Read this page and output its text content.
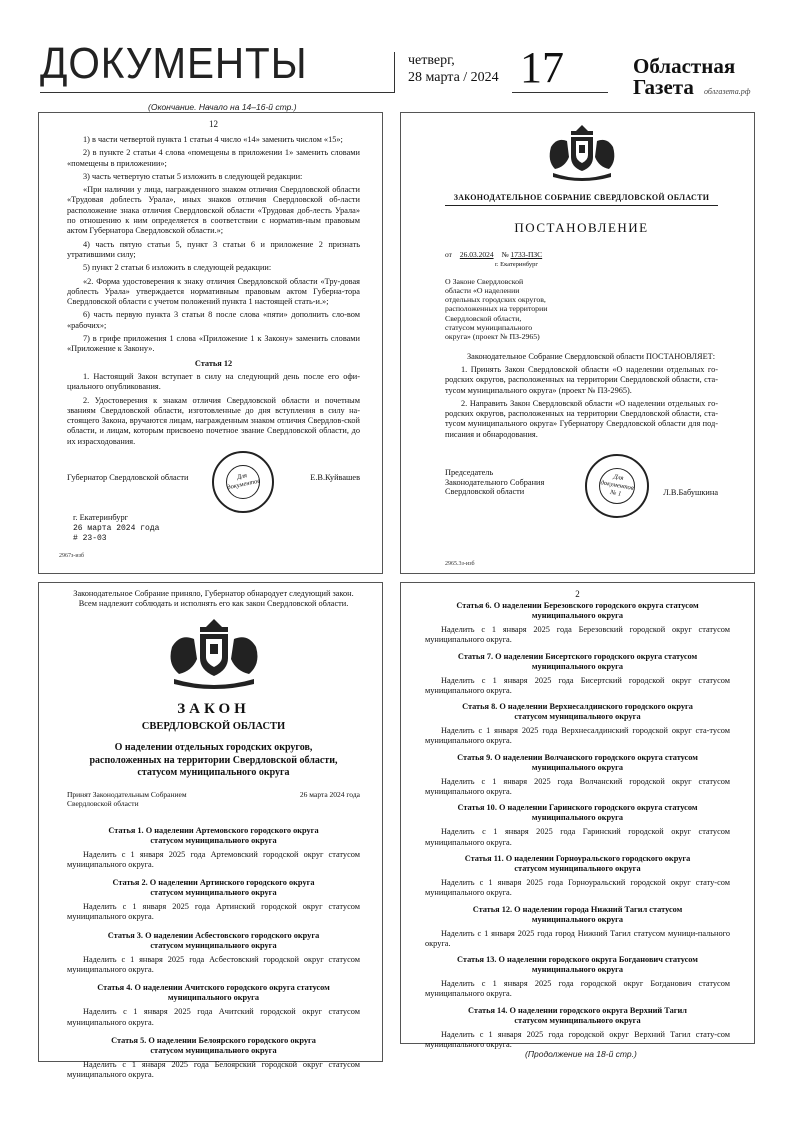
ДОКУМЕНТЫ	четверг,
28 марта / 2024 17	Областная
Газета облгазета.рф
(Окончание. Начало на 14–16-й стр.)
12

1) в части четвертой пункта 1 статьи 4 число «14» заменить числом «15»;

2) в пункте 2 статьи 4 слова «помещены в приложении 1» заменить словами «помещены в приложении»;

3) часть четвертую статьи 5 изложить в следующей редакции:

«При наличии у лица, награжденного знаком отличия Свердловской области «Трудовая доблесть Урала», иных знаков отличия Свердловской об-ласти расположение знака отличия Свердловской области «Трудовая доб-лесть Урала» по отношению к ним определяется в соответствии с норматив-ным правовым актом Губернатора Свердловской области.»;

4) часть пятую статьи 5, пункт 3 статьи 6 и приложение 2 признать утратившими силу;

5) пункт 2 статьи 6 изложить в следующей редакции:

«2. Форма удостоверения к знаку отличия Свердловской области «Тру-довая доблесть Урала» утверждается нормативным правовым актом Губерна-тора Свердловской области с учетом положений пункта 1 настоящей стать-и.»;

6) часть первую пункта 3 статьи 8 после слова «пяти» дополнить сло-вом «рабочих»;

7) в грифе приложения 1 слова «Приложение 1 к Закону» заменить словами «Приложение к Закону».

Статья 12

1. Настоящий Закон вступает в силу на следующий день после его офи-циального опубликования.

2. Удостоверения к знакам отличия Свердловской области и почетным званиям Свердловской области, изготовленные до дня вступления в силу на-стоящего Закона, вручаются лицам, награжденным знаком отличия Свердлов-ской области, и лицам, которым присвоено почетное звание Свердловской области, до их израсходования.

Губернатор Свердловской области	Е.В.Куйвашев
Для документов
г. Екатеринбург
26 марта 2024 года
# 23-03
2967з-изб
ЗАКОНОДАТЕЛЬНОЕ СОБРАНИЕ СВЕРДЛОВСКОЙ ОБЛАСТИ
ПОСТАНОВЛЕНИЕ
от 26.03.2024 № 1733-ПЗС
г. Екатеринбург
О Законе Свердловской
области «О наделении
отдельных городских округов,
расположенных на территории
Свердловской области,
статусом муниципального
округа» (проект № ПЗ-2965)

Законодательное Собрание Свердловской области ПОСТАНОВЛЯЕТ:

1. Принять Закон Свердловской области «О наделении отдельных го-родских округов, расположенных на территории Свердловской области, ста-тусом муниципального округа» (проект № ПЗ-2965).

2. Направить Закон Свердловской области «О наделении отдельных го-родских округов, расположенных на территории Свердловской области, ста-тусом муниципального округа» Губернатору Свердловской области для под-писания и обнародования.

Председатель
Законодательного Собрания
Свердловской области
Для документов № 1	Л.В.Бабушкина
2965.3з-изб

Законодательное Собрание приняло, Губернатор обнародует следующий закон. Всем надлежит соблюдать и исполнять его как закон Свердловской области.

ЗАКОН
СВЕРДЛОВСКОЙ ОБЛАСТИ

О наделении отдельных городских округов, расположенных на территории Свердловской области, статусом муниципального округа

Принят Законодательным Собранием Свердловской области
26 марта 2024 года

Статья 1. О наделении Артемовского городского округа статусом муниципального округа

Наделить с 1 января 2025 года Артемовский городской округ статусом муниципального округа.

Статья 2. О наделении Артинского городского округа статусом муниципального округа

Наделить с 1 января 2025 года Артинский городской округ статусом муниципального округа.

Статья 3. О наделении Асбестовского городского округа статусом муниципального округа

Наделить с 1 января 2025 года Асбестовский городской округ статусом муниципального округа.

Статья 4. О наделении Ачитского городского округа статусом муниципального округа

Наделить с 1 января 2025 года Ачитский городской округ статусом муниципального округа.

Статья 5. О наделении Белоярского городского округа статусом муниципального округа

Наделить с 1 января 2025 года Белоярский городской округ статусом муниципального округа.

2

Статья 6. О наделении Березовского городского округа статусом муниципального округа

Наделить с 1 января 2025 года Березовский городской округ статусом муниципального округа.

Статья 7. О наделении Бисертского городского округа статусом муниципального округа

Наделить с 1 января 2025 года Бисертский городской округ статусом муниципального округа.

Статья 8. О наделении Верхнесалдинского городского округа статусом муниципального округа

Наделить с 1 января 2025 года Верхнесалдинский городской округ ста-тусом муниципального округа.

Статья 9. О наделении Волчанского городского округа статусом муниципального округа

Наделить с 1 января 2025 года Волчанский городской округ статусом муниципального округа.

Статья 10. О наделении Гаринского городского округа статусом муниципального округа

Наделить с 1 января 2025 года Гаринский городской округ статусом муниципального округа.

Статья 11. О наделении Горноуральского городского округа статусом муниципального округа

Наделить с 1 января 2025 года Горноуральский городской округ стату-сом муниципального округа.

Статья 12. О наделении города Нижний Тагил статусом муниципального округа

Наделить с 1 января 2025 года город Нижний Тагил статусом муници-пального округа.

Статья 13. О наделении городского округа Богданович статусом муниципального округа

Наделить с 1 января 2025 года городской округ Богданович статусом муниципального округа.

Статья 14. О наделении городского округа Верхний Тагил статусом муниципального округа

Наделить с 1 января 2025 года городской округ Верхний Тагил стату-сом муниципального округа.

(Продолжение на 18-й стр.)
